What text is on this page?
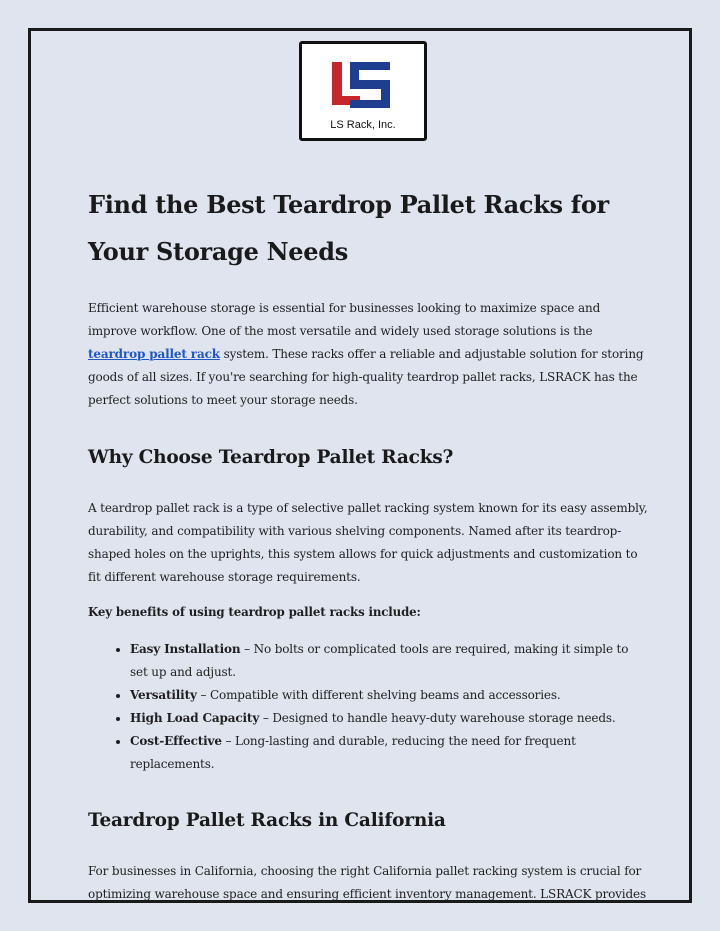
LS Rack, Inc.
Find the Best Teardrop Pallet Racks for Your Storage Needs

Efficient warehouse storage is essential for businesses looking to maximize space and improve workflow. One of the most versatile and widely used storage solutions is the teardrop pallet rack system. These racks offer a reliable and adjustable solution for storing goods of all sizes. If you're searching for high-quality teardrop pallet racks, LSRACK has the perfect solutions to meet your storage needs.

Why Choose Teardrop Pallet Racks?

A teardrop pallet rack is a type of selective pallet racking system known for its easy assembly, durability, and compatibility with various shelving components. Named after its teardrop-shaped holes on the uprights, this system allows for quick adjustments and customization to fit different warehouse storage requirements.

Key benefits of using teardrop pallet racks include:

• Easy Installation – No bolts or complicated tools are required, making it simple to set up and adjust.
• Versatility – Compatible with different shelving beams and accessories.
• High Load Capacity – Designed to handle heavy-duty warehouse storage needs.
• Cost-Effective – Long-lasting and durable, reducing the need for frequent replacements.
Teardrop Pallet Racks in California

For businesses in California, choosing the right California pallet racking system is crucial for optimizing warehouse space and ensuring efficient inventory management. LSRACK provides
